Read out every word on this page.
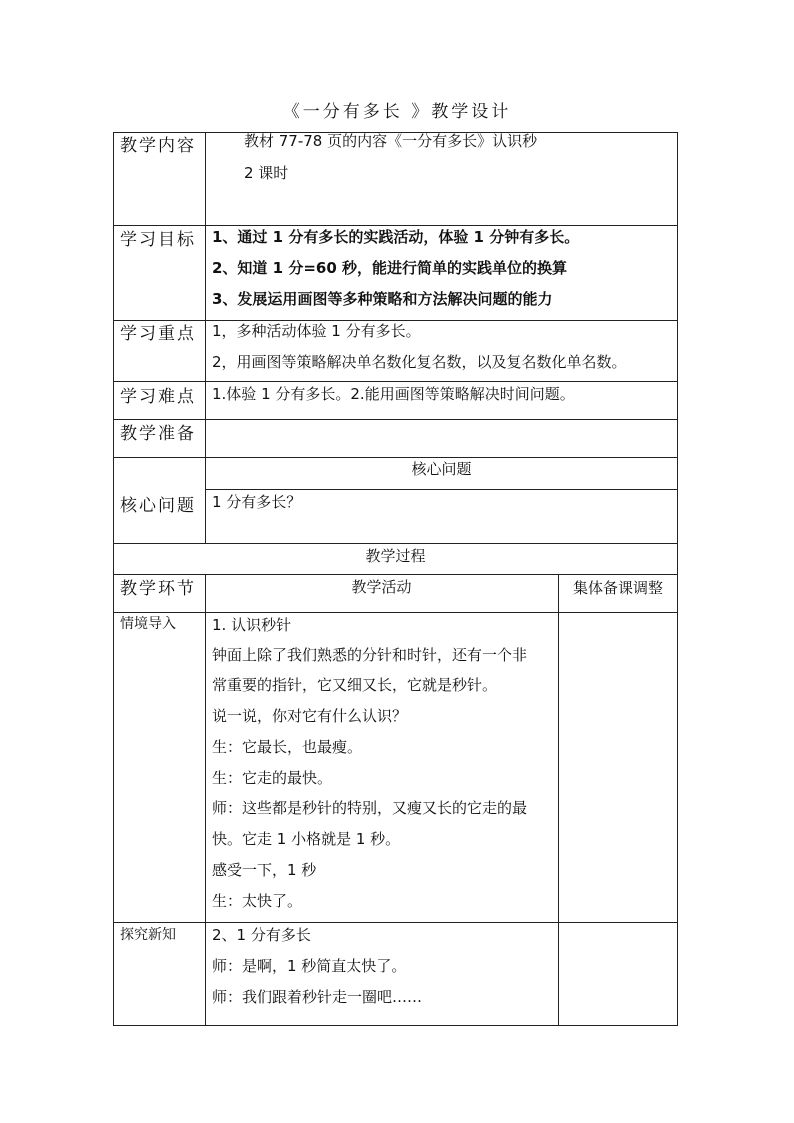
《一分有多长 》教学设计
教学内容	教材 77-78 页的内容《一分有多长》认识秒
2 课时
学习目标 1、通过 1 分有多长的实践活动，体验 1 分钟有多长。
2、知道 1 分=60 秒，能进行简单的实践单位的换算
3、发展运用画图等多种策略和方法解决问题的能力
学习重点 1，多种活动体验 1 分有多长。
2，用画图等策略解决单名数化复名数，以及复名数化单名数。
学习难点 1.体验 1 分有多长。2.能用画图等策略解决时间问题。
教学准备
核心问题
核心问题
1 分有多长？
教学过程
教学环节	教学活动	集体备课调整
情境导入 1. 认识秒针
钟面上除了我们熟悉的分针和时针，还有一个非
常重要的指针，它又细又长，它就是秒针。
说一说，你对它有什么认识？
生：它最长，也最瘦。
生：它走的最快。
师：这些都是秒针的特别，又瘦又长的它走的最
快。它走 1 小格就是 1 秒。
感受一下，1 秒
生：太快了。
探究新知 2、1 分有多长
师：是啊，1 秒简直太快了。
师：我们跟着秒针走一圈吧……
